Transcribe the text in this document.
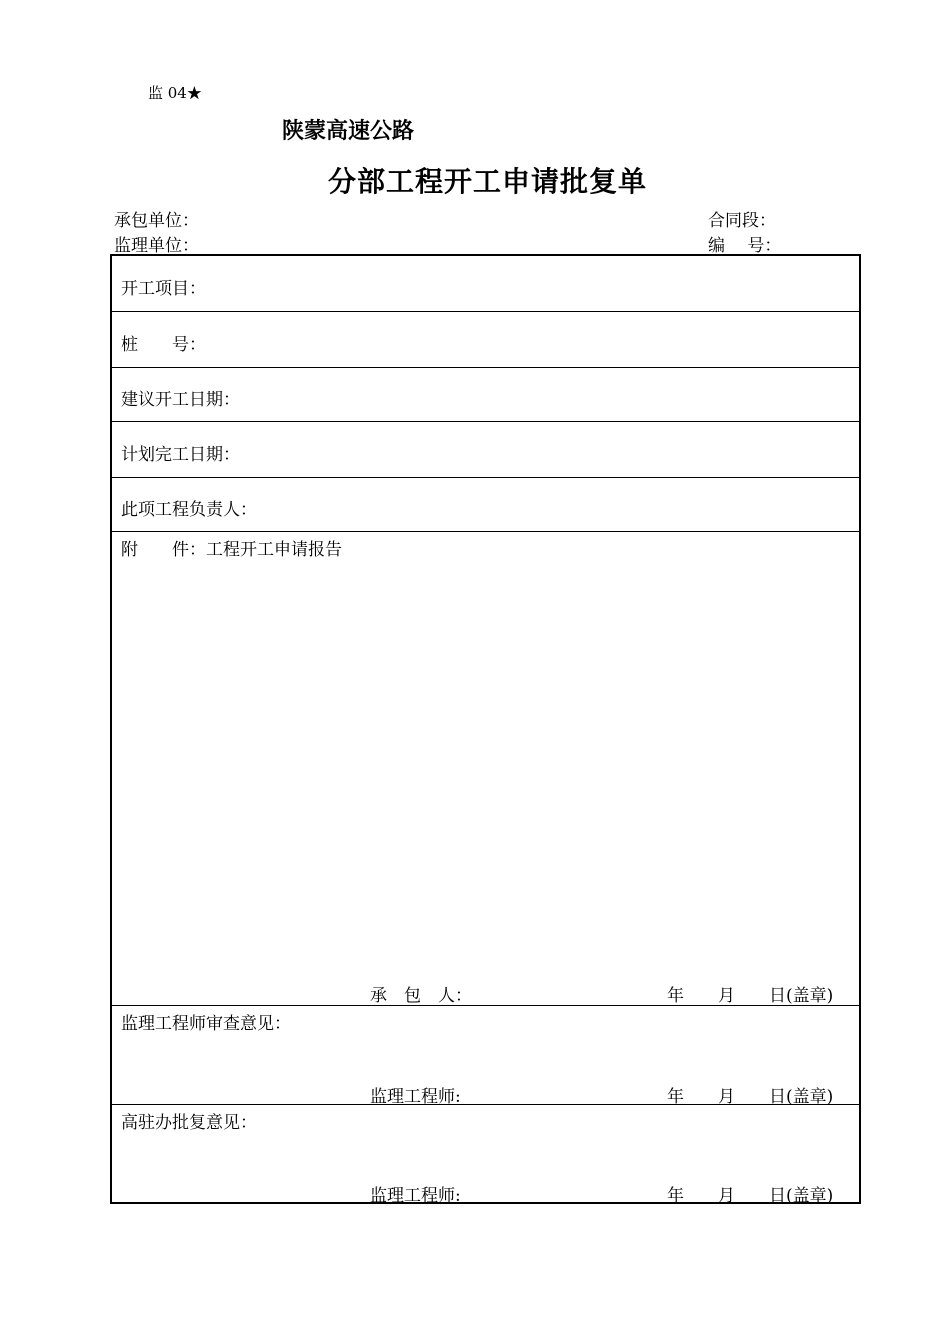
监 04★
陕蒙高速公路
分部工程开工申请批复单
承包单位：	合同段：
监理单位：	编　 号：
开工项目：
桩　　号：
建议开工日期：
计划完工日期：
此项工程负责人：
附　　件：工程开工申请报告
承　包　人：	年　　月　　日(盖章)
监理工程师审查意见：
监理工程师:	年　　月　　日(盖章)
高驻办批复意见：
监理工程师:	年　　月　　日(盖章)
